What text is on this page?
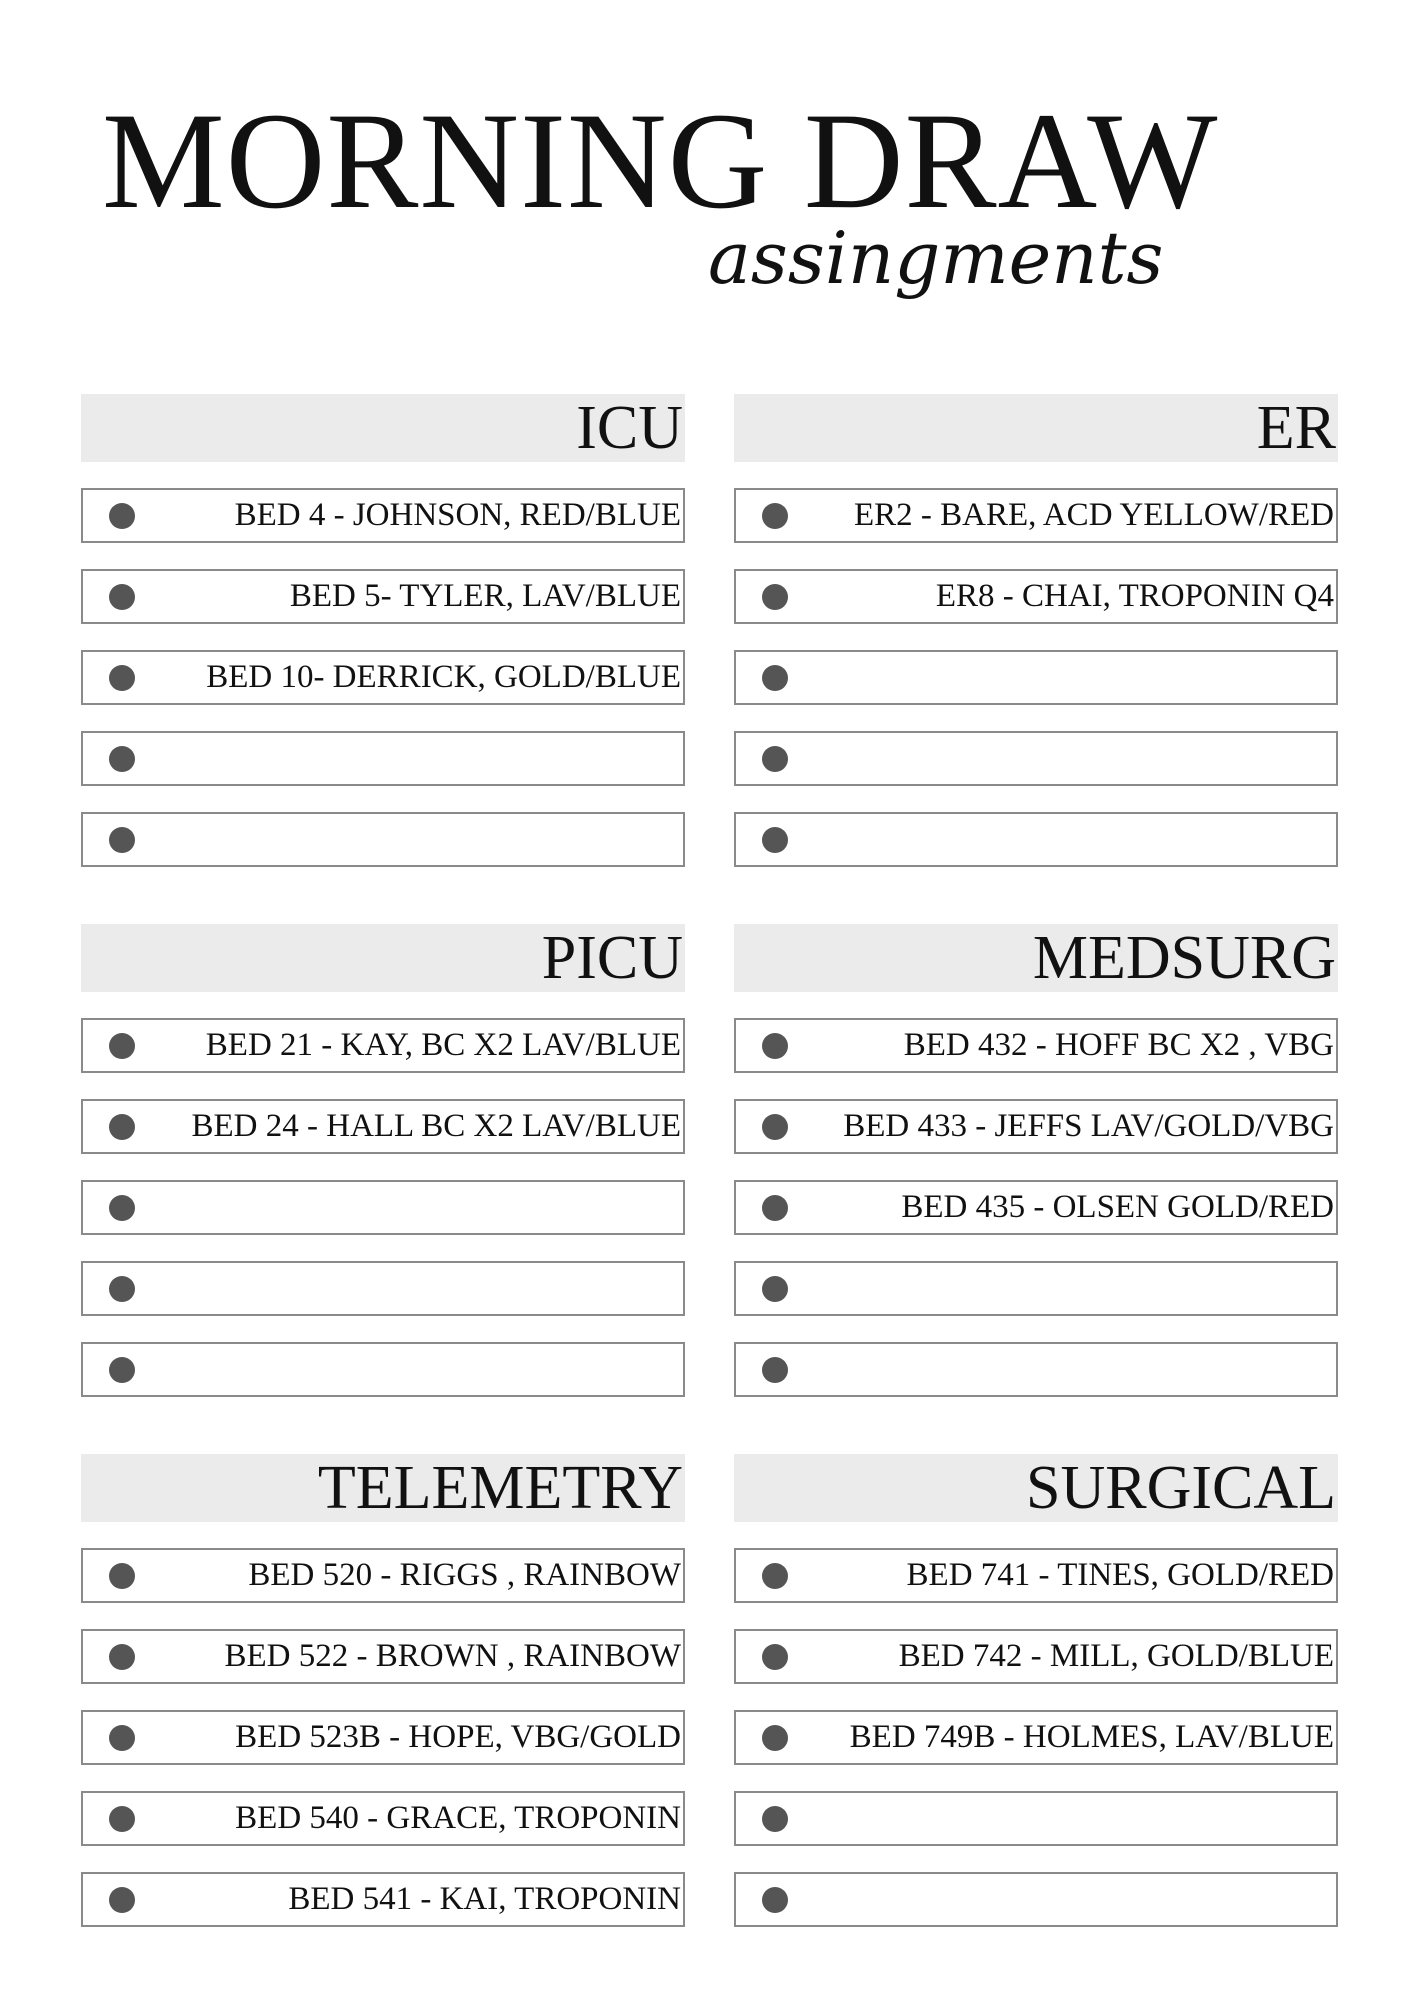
MORNING DRAW
assingments
ICU
BED 4 - JOHNSON, RED/BLUE
BED 5- TYLER, LAV/BLUE
BED 10- DERRICK, GOLD/BLUE
ER
ER2 - BARE, ACD YELLOW/RED
ER8 - CHAI, TROPONIN Q4
PICU
BED 21 - KAY, BC X2 LAV/BLUE
BED 24 - HALL BC X2 LAV/BLUE
MEDSURG
BED 432 - HOFF BC X2 , VBG
BED 433 - JEFFS LAV/GOLD/VBG
BED 435 - OLSEN GOLD/RED
TELEMETRY
BED 520 - RIGGS , RAINBOW
BED 522 - BROWN , RAINBOW
BED 523B - HOPE, VBG/GOLD
BED 540 - GRACE, TROPONIN
BED 541 - KAI, TROPONIN
SURGICAL
BED 741 - TINES, GOLD/RED
BED 742 - MILL, GOLD/BLUE
BED 749B - HOLMES, LAV/BLUE
